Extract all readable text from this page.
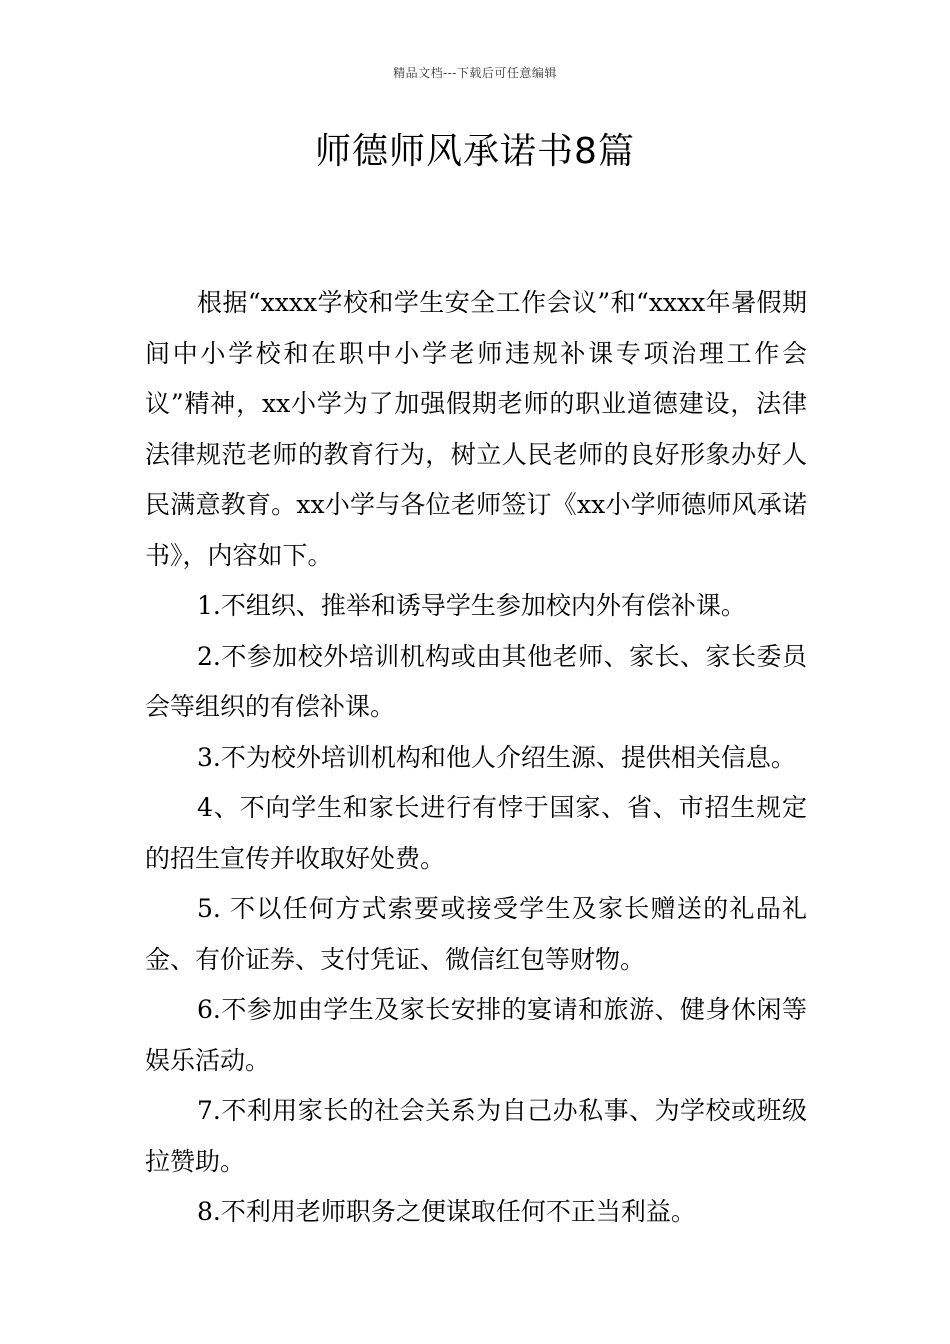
精品文档---下载后可任意编辑
师德师风承诺书8篇

根据“xxxx学校和学生安全工作会议”和“xxxx年暑假期间中小学校和在职中小学老师违规补课专项治理工作会议”精神，xx小学为了加强假期老师的职业道德建设，法律法律规范老师的教育行为，树立人民老师的良好形象办好人民满意教育。xx小学与各位老师签订《xx小学师德师风承诺书》，内容如下。

1.不组织、推举和诱导学生参加校内外有偿补课。

2.不参加校外培训机构或由其他老师、家长、家长委员会等组织的有偿补课。

3.不为校外培训机构和他人介绍生源、提供相关信息。

4、不向学生和家长进行有悖于国家、省、市招生规定的招生宣传并收取好处费。

5. 不以任何方式索要或接受学生及家长赠送的礼品礼金、有价证券、支付凭证、微信红包等财物。

6.不参加由学生及家长安排的宴请和旅游、健身休闲等娱乐活动。

7.不利用家长的社会关系为自己办私事、为学校或班级拉赞助。

8.不利用老师职务之便谋取任何不正当利益。
